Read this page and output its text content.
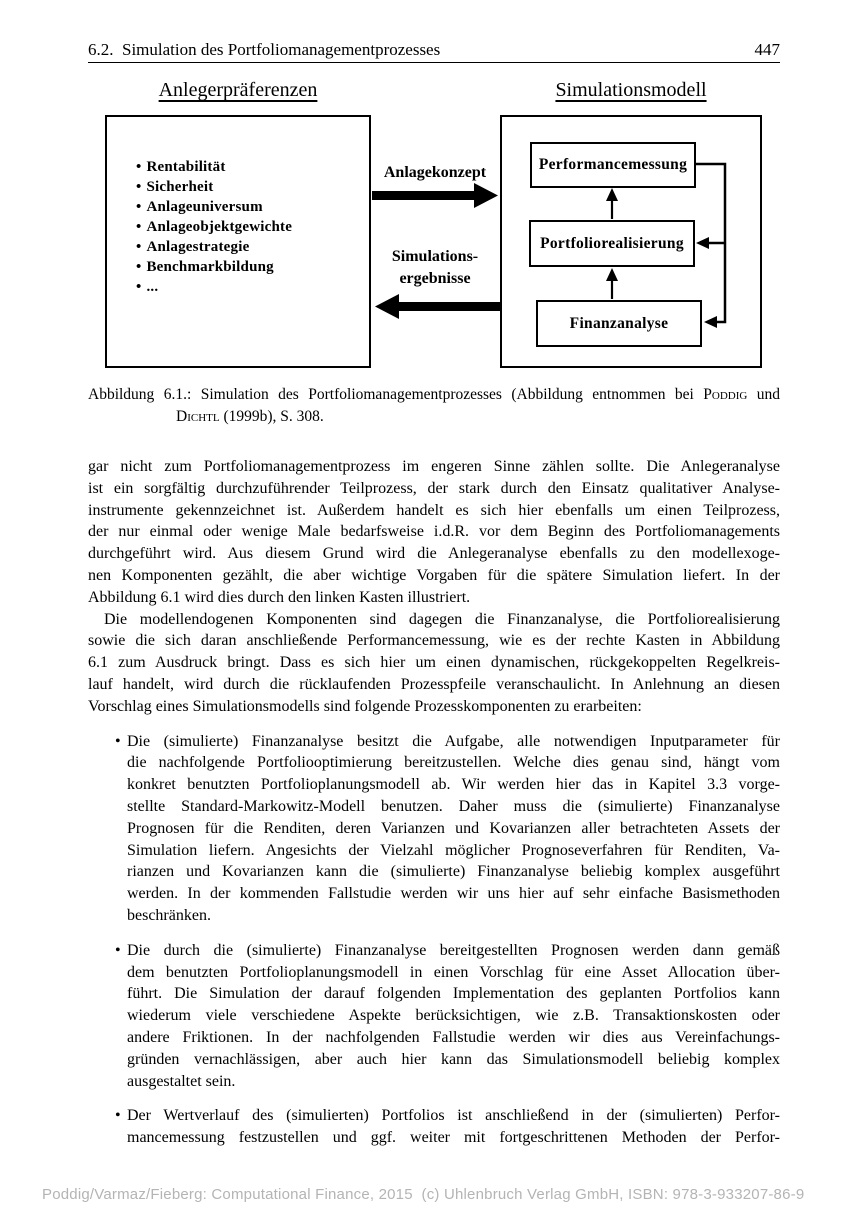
6.2.  Simulation des Portfoliomanagementprozesses	447
Anlegerpräferenzen	Simulationsmodell
• Rentabilität
• Sicherheit
• Anlageuniversum
• Anlageobjektgewichte
• Anlagestrategie
• Benchmarkbildung
• ...
Performancemessung
Portfoliorealisierung
Finanzanalyse
Anlagekonzept
Simulations-
ergebnisse
Abbildung 6.1.: Simulation des Portfoliomanagementprozesses (Abbildung entnommen bei Poddig und
Dichtl (1999b), S. 308.
gar nicht zum Portfoliomanagementprozess im engeren Sinne zählen sollte. Die Anlegeranalyse
ist ein sorgfältig durchzuführender Teilprozess, der stark durch den Einsatz qualitativer Analyse-
instrumente gekennzeichnet ist. Außerdem handelt es sich hier ebenfalls um einen Teilprozess,
der nur einmal oder wenige Male bedarfsweise i.d.R. vor dem Beginn des Portfoliomanagements
durchgeführt wird. Aus diesem Grund wird die Anlegeranalyse ebenfalls zu den modellexoge-
nen Komponenten gezählt, die aber wichtige Vorgaben für die spätere Simulation liefert. In der
Abbildung 6.1 wird dies durch den linken Kasten illustriert.
Die modellendogenen Komponenten sind dagegen die Finanzanalyse, die Portfoliorealisierung
sowie die sich daran anschließende Performancemessung, wie es der rechte Kasten in Abbildung
6.1 zum Ausdruck bringt. Dass es sich hier um einen dynamischen, rückgekoppelten Regelkreis-
lauf handelt, wird durch die rücklaufenden Prozesspfeile veranschaulicht. In Anlehnung an diesen
Vorschlag eines Simulationsmodells sind folgende Prozesskomponenten zu erarbeiten:
• Die (simulierte) Finanzanalyse besitzt die Aufgabe, alle notwendigen Inputparameter für
die nachfolgende Portfoliooptimierung bereitzustellen. Welche dies genau sind, hängt vom
konkret benutzten Portfolioplanungsmodell ab. Wir werden hier das in Kapitel 3.3 vorge-
stellte Standard-Markowitz-Modell benutzen. Daher muss die (simulierte) Finanzanalyse
Prognosen für die Renditen, deren Varianzen und Kovarianzen aller betrachteten Assets der
Simulation liefern. Angesichts der Vielzahl möglicher Prognoseverfahren für Renditen, Va-
rianzen und Kovarianzen kann die (simulierte) Finanzanalyse beliebig komplex ausgeführt
werden. In der kommenden Fallstudie werden wir uns hier auf sehr einfache Basismethoden
beschränken.
• Die durch die (simulierte) Finanzanalyse bereitgestellten Prognosen werden dann gemäß
dem benutzten Portfolioplanungsmodell in einen Vorschlag für eine Asset Allocation über-
führt. Die Simulation der darauf folgenden Implementation des geplanten Portfolios kann
wiederum viele verschiedene Aspekte berücksichtigen, wie z.B. Transaktionskosten oder
andere Friktionen. In der nachfolgenden Fallstudie werden wir dies aus Vereinfachungs-
gründen vernachlässigen, aber auch hier kann das Simulationsmodell beliebig komplex
ausgestaltet sein.
• Der Wertverlauf des (simulierten) Portfolios ist anschließend in der (simulierten) Perfor-
mancemessung festzustellen und ggf. weiter mit fortgeschrittenen Methoden der Perfor-
Poddig/Varmaz/Fieberg: Computational Finance, 2015  (c) Uhlenbruch Verlag GmbH, ISBN: 978-3-933207-86-9
